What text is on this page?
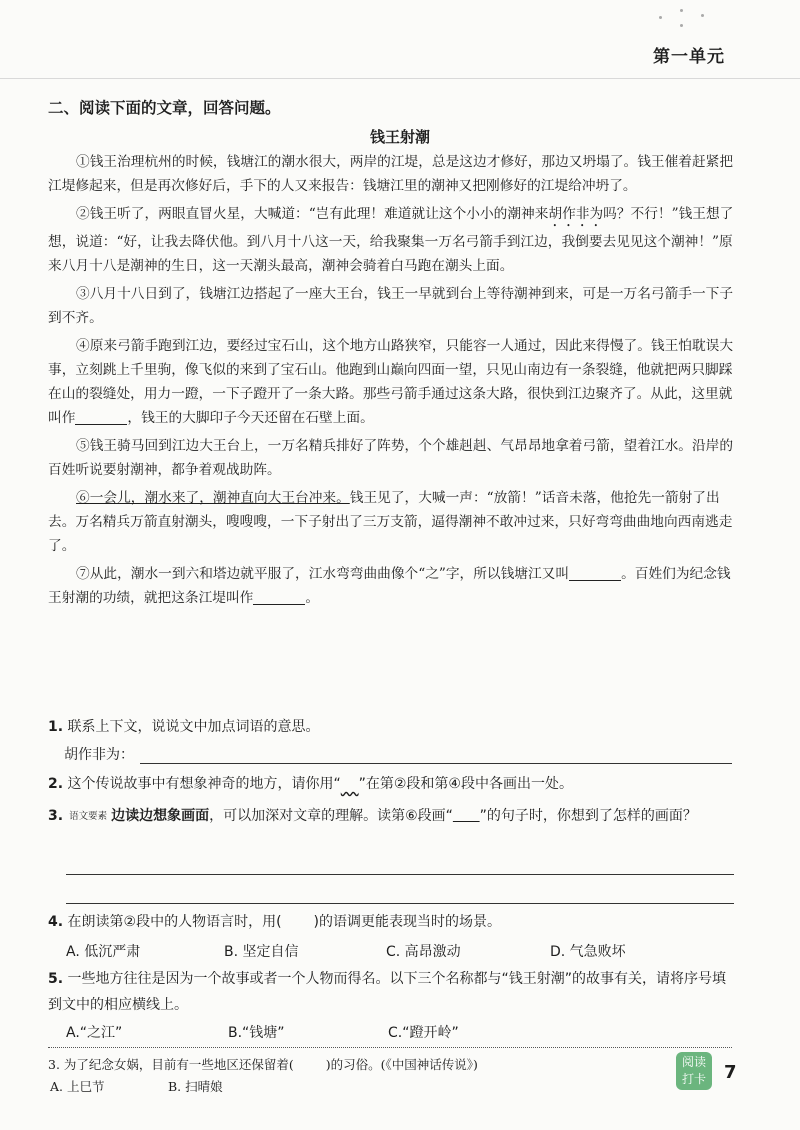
第一单元
二、阅读下面的文章，回答问题。
钱王射潮

①钱王治理杭州的时候，钱塘江的潮水很大，两岸的江堤，总是这边才修好，那边又坍塌了。钱王催着赶紧把江堤修起来，但是再次修好后，手下的人又来报告：钱塘江里的潮神又把刚修好的江堤给冲坍了。

②钱王听了，两眼直冒火星，大喊道：“岂有此理！难道就让这个小小的潮神来胡作非为吗？不行！”钱王想了想，说道：“好，让我去降伏他。到八月十八这一天，给我聚集一万名弓箭手到江边，我倒要去见见这个潮神！”原来八月十八是潮神的生日，这一天潮头最高，潮神会骑着白马跑在潮头上面。

③八月十八日到了，钱塘江边搭起了一座大王台，钱王一早就到台上等待潮神到来，可是一万名弓箭手一下子到不齐。

④原来弓箭手跑到江边，要经过宝石山，这个地方山路狭窄，只能容一人通过，因此来得慢了。钱王怕耽误大事，立刻跳上千里驹，像飞似的来到了宝石山。他跑到山巅向四面一望，只见山南边有一条裂缝，他就把两只脚踩在山的裂缝处，用力一蹬，一下子蹬开了一条大路。那些弓箭手通过这条大路，很快到江边聚齐了。从此，这里就叫作	，钱王的大脚印子今天还留在石壁上面。

⑤钱王骑马回到江边大王台上，一万名精兵排好了阵势，个个雄赳赳、气昂昂地拿着弓箭，望着江水。沿岸的百姓听说要射潮神，都争着观战助阵。

⑥一会儿，潮水来了，潮神直向大王台冲来。钱王见了，大喊一声：“放箭！”话音未落，他抢先一箭射了出去。万名精兵万箭直射潮头，嗖嗖嗖，一下子射出了三万支箭，逼得潮神不敢冲过来，只好弯弯曲曲地向西南逃走了。

⑦从此，潮水一到六和塔边就平服了，江水弯弯曲曲像个“之”字，所以钱塘江又叫	。百姓们为纪念钱王射潮的功绩，就把这条江堤叫作	。

1. 联系上下文，说说文中加点词语的意思。
胡作非为：
2. 这个传说故事中有想象神奇的地方，请你用“ ”在第②段和第④段中各画出一处。
3. 语文要素 边读边想象画面，可以加深对文章的理解。读第⑥段画“ ”的句子时，你想到了怎样的画面？
4. 在朗读第②段中的人物语言时，用( )的语调更能表现当时的场景。
A. 低沉严肃	B. 坚定自信	C. 高昂激动	D. 气急败坏
5. 一些地方往往是因为一个故事或者一个人物而得名。以下三个名称都与“钱王射潮”的故事有关，请将序号填到文中的相应横线上。
A.“之江”	B.“钱塘”	C.“蹬开岭”
3. 为了纪念女娲，目前有一些地区还保留着(	)的习俗。(《中国神话传说》)
A. 上巳节	B. 扫晴娘
阅读
打卡	7
